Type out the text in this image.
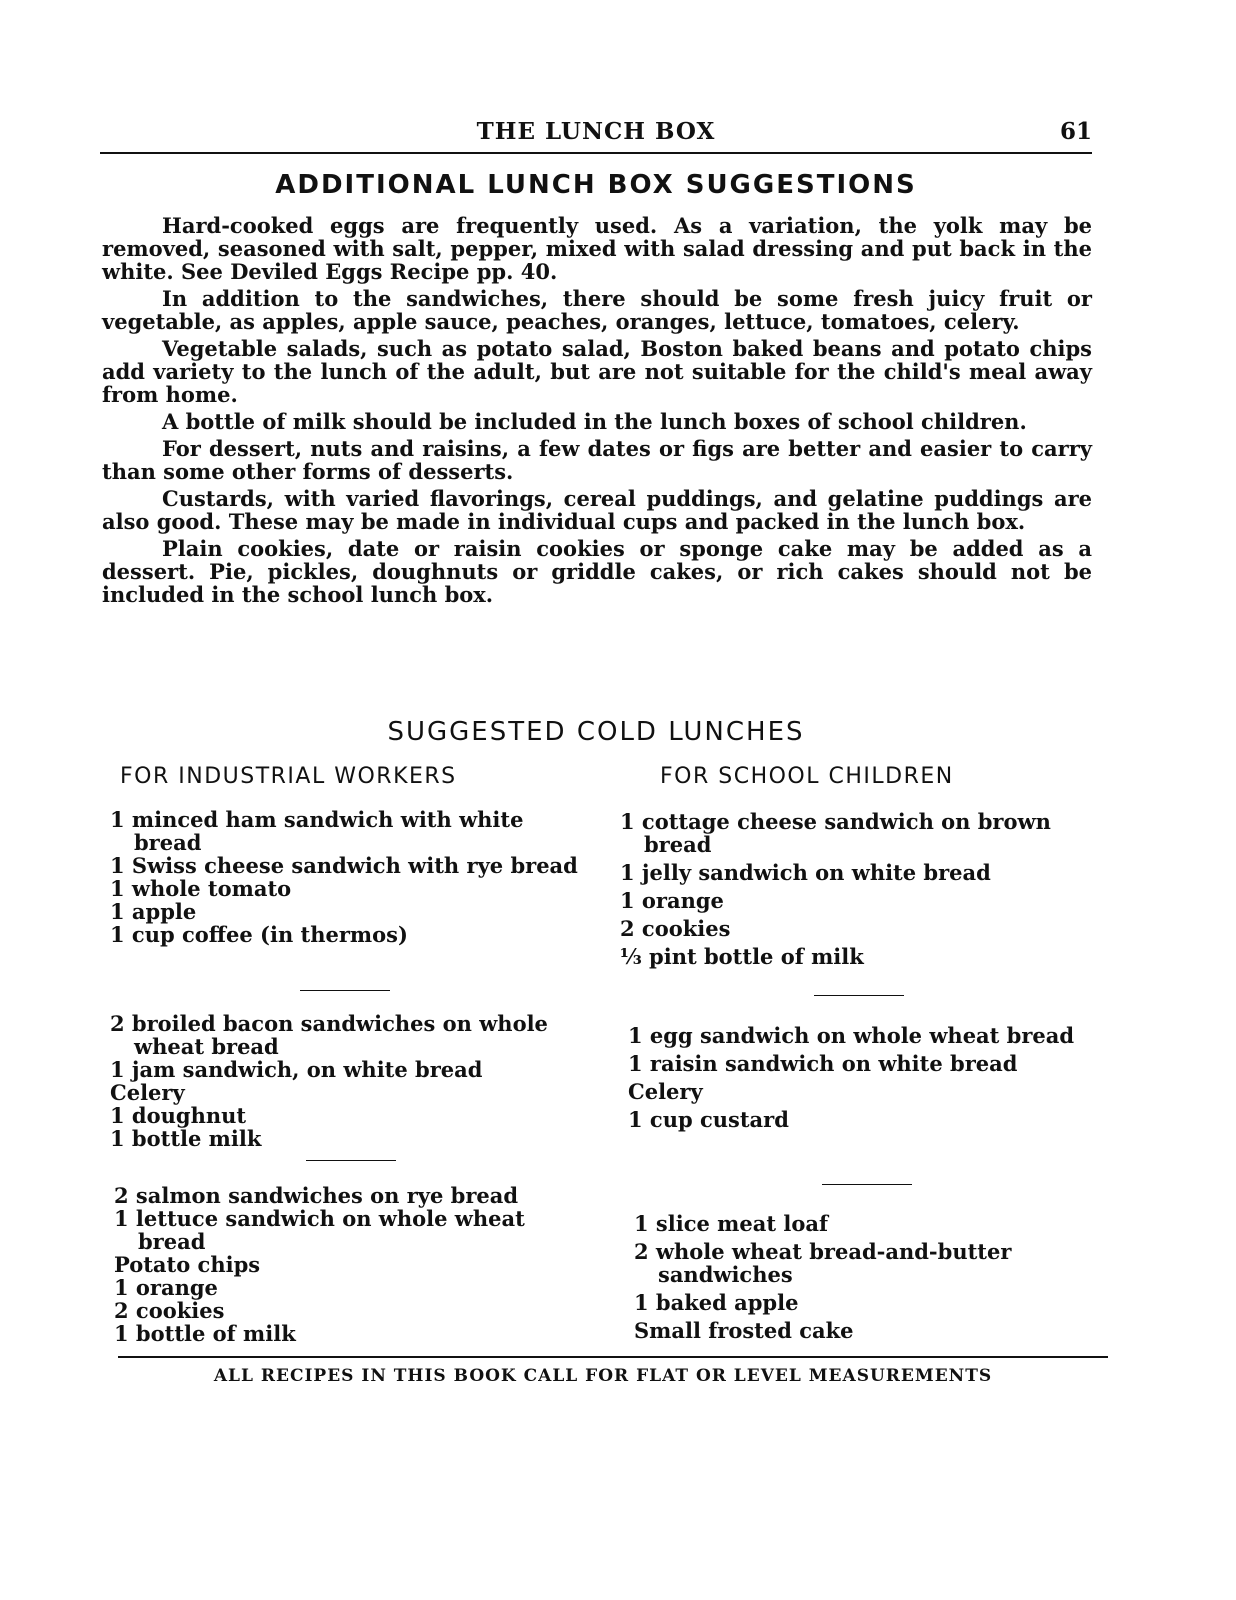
THE LUNCH BOX	61
ADDITIONAL LUNCH BOX SUGGESTIONS

Hard-cooked eggs are frequently used. As a variation, the yolk may be removed, seasoned with salt, pepper, mixed with salad dressing and put back in the white. See Deviled Eggs Recipe pp. 40.

In addition to the sandwiches, there should be some fresh juicy fruit or vegetable, as apples, apple sauce, peaches, oranges, lettuce, tomatoes, celery.

Vegetable salads, such as potato salad, Boston baked beans and potato chips add variety to the lunch of the adult, but are not suitable for the child's meal away from home.

A bottle of milk should be included in the lunch boxes of school children.

For dessert, nuts and raisins, a few dates or figs are better and easier to carry than some other forms of desserts.

Custards, with varied flavorings, cereal puddings, and gelatine puddings are also good. These may be made in individual cups and packed in the lunch box.

Plain cookies, date or raisin cookies or sponge cake may be added as a dessert. Pie, pickles, doughnuts or griddle cakes, or rich cakes should not be included in the school lunch box.

SUGGESTED COLD LUNCHES
FOR INDUSTRIAL WORKERS	FOR SCHOOL CHILDREN
1 minced ham sandwich with white bread
1 Swiss cheese sandwich with rye bread
1 whole tomato
1 apple
1 cup coffee (in thermos)
2 broiled bacon sandwiches on whole wheat bread
1 jam sandwich, on white bread
Celery
1 doughnut
1 bottle milk
2 salmon sandwiches on rye bread
1 lettuce sandwich on whole wheat bread
Potato chips
1 orange
2 cookies
1 bottle of milk
1 cottage cheese sandwich on brown bread
1 jelly sandwich on white bread
1 orange
2 cookies
⅓ pint bottle of milk
1 egg sandwich on whole wheat bread
1 raisin sandwich on white bread
Celery
1 cup custard
1 slice meat loaf
2 whole wheat bread-and-butter sandwiches
1 baked apple
Small frosted cake
ALL RECIPES IN THIS BOOK CALL FOR FLAT OR LEVEL MEASUREMENTS
